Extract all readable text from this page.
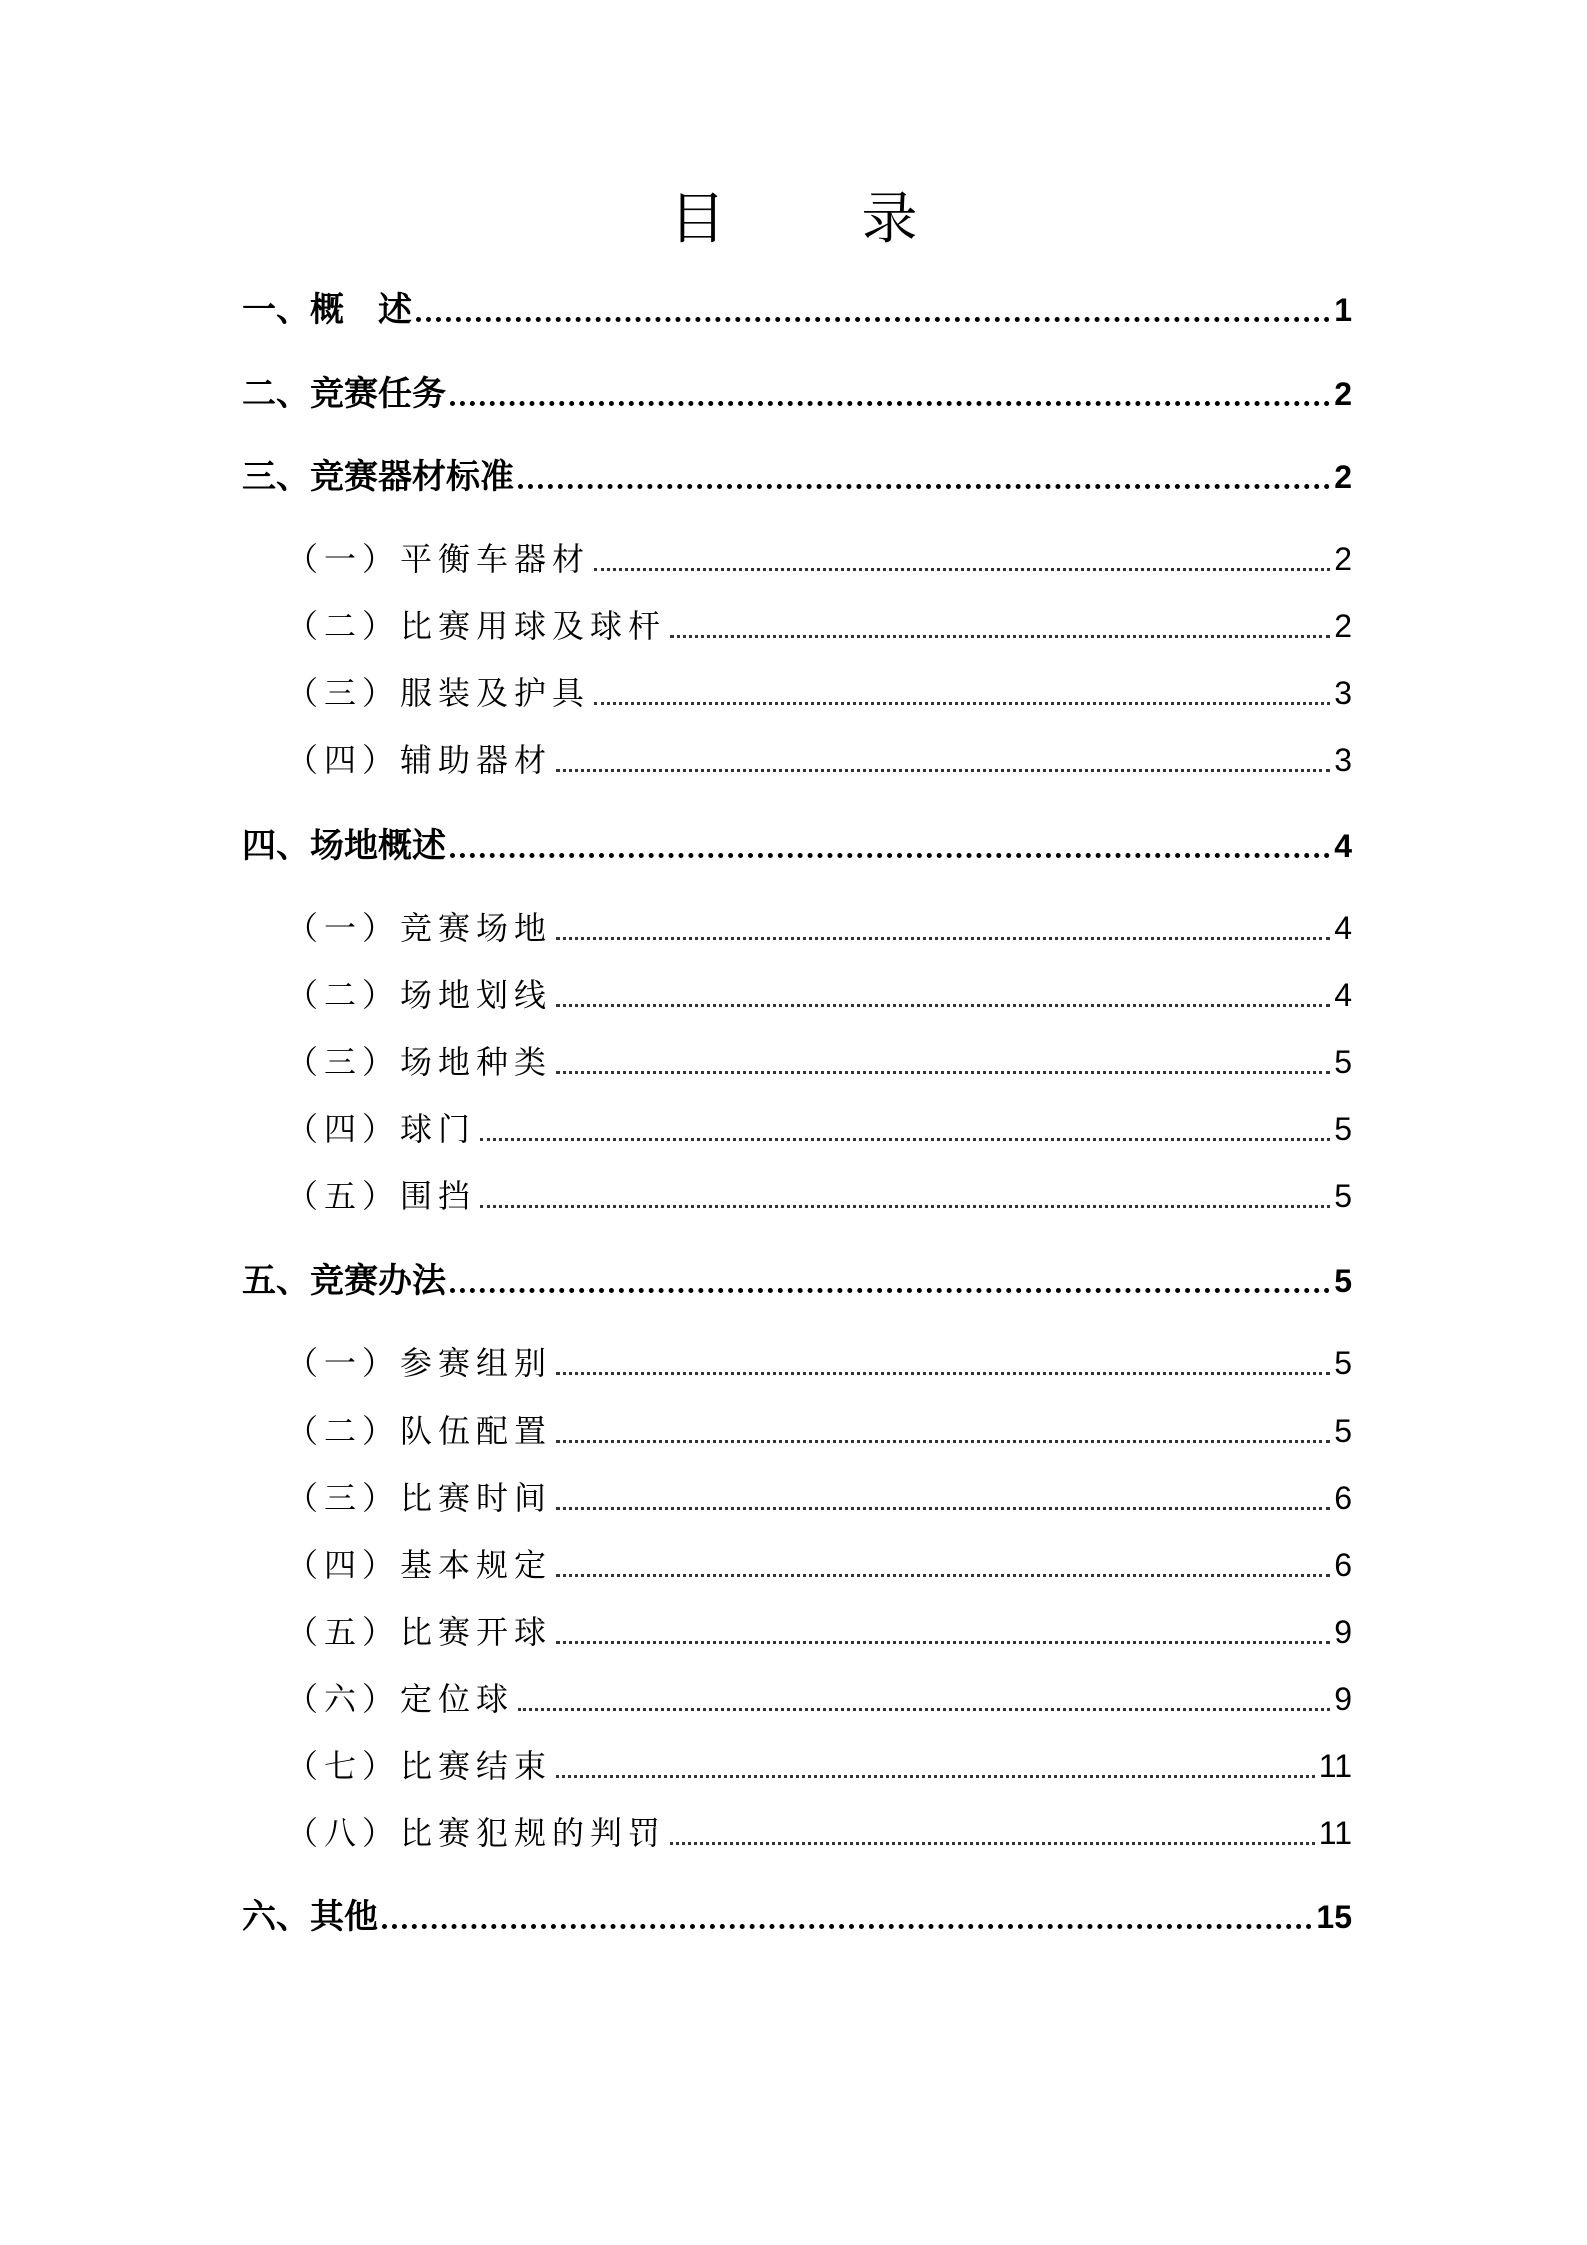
目　录
一、概　述	1
二、竞赛任务	2
三、竞赛器材标准	2
（一）平衡车器材	2
（二）比赛用球及球杆	2
（三）服装及护具	3
（四）辅助器材	3
四、场地概述	4
（一）竞赛场地	4
（二）场地划线	4
（三）场地种类	5
（四）球门	5
（五）围挡	5
五、竞赛办法	5
（一）参赛组别	5
（二）队伍配置	5
（三）比赛时间	6
（四）基本规定	6
（五）比赛开球	9
（六）定位球	9
（七）比赛结束	11
（八）比赛犯规的判罚	11
六、其他	15
